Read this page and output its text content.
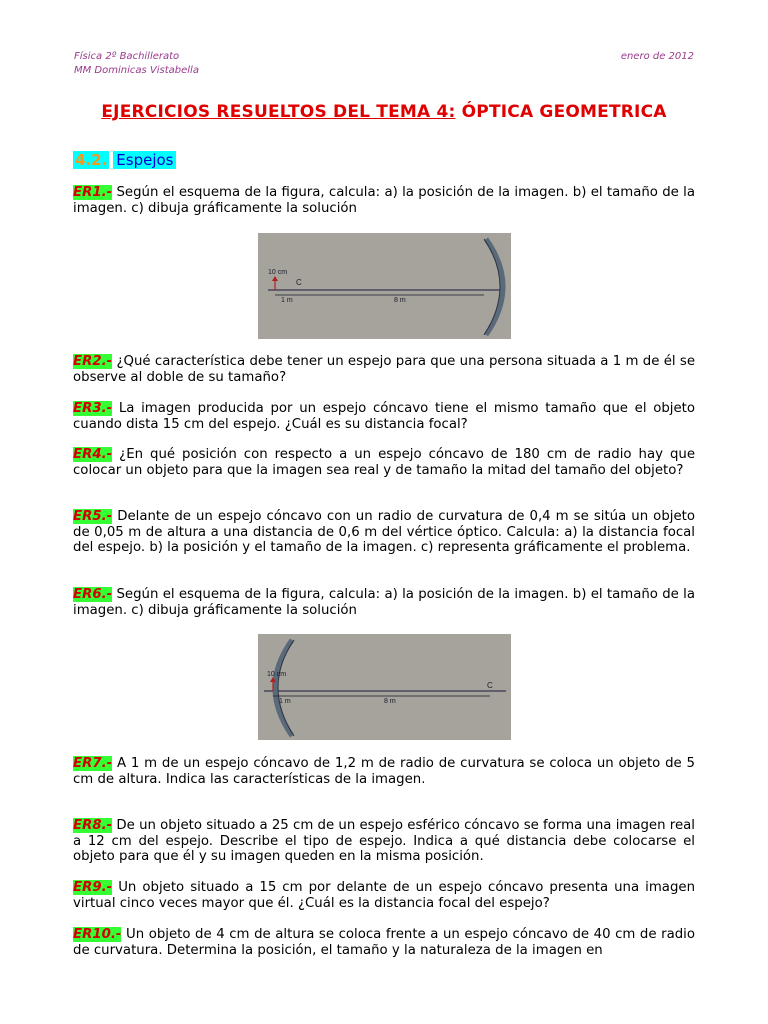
Física 2º Bachillerato
MM Dominicas Vistabella
enero de 2012
EJERCICIOS RESUELTOS DEL TEMA 4: ÓPTICA GEOMETRICA
4.2. Espejos
ER1.- Según el esquema de la figura, calcula: a) la posición de la imagen. b) el tamaño de la imagen. c) dibuja gráficamente la solución
10 cm
C
1 m	8 m
ER2.- ¿Qué característica debe tener un espejo para que una persona situada a 1 m de él se observe al doble de su tamaño?
ER3.- La imagen producida por un espejo cóncavo tiene el mismo tamaño que el objeto cuando dista 15 cm del espejo. ¿Cuál es su distancia focal?
ER4.- ¿En qué posición con respecto a un espejo cóncavo de 180 cm de radio hay que colocar un objeto para que la imagen sea real y de tamaño la mitad del tamaño del objeto?
ER5.- Delante de un espejo cóncavo con un radio de curvatura de 0,4 m se sitúa un objeto de 0,05 m de altura a una distancia de 0,6 m del vértice óptico. Calcula: a) la distancia focal del espejo. b) la posición y el tamaño de la imagen. c) representa gráficamente el problema.
ER6.- Según el esquema de la figura, calcula: a) la posición de la imagen. b) el tamaño de la imagen. c) dibuja gráficamente la solución
10 cm
C
1 m	8 m
ER7.- A 1 m de un espejo cóncavo de 1,2 m de radio de curvatura se coloca un objeto de 5 cm de altura. Indica las características de la imagen.
ER8.- De un objeto situado a 25 cm de un espejo esférico cóncavo se forma una imagen real a 12 cm del espejo. Describe el tipo de espejo. Indica a qué distancia debe colocarse el objeto para que él y su imagen queden en la misma posición.
ER9.- Un objeto situado a 15 cm por delante de un espejo cóncavo presenta una imagen virtual cinco veces mayor que él. ¿Cuál es la distancia focal del espejo?
ER10.- Un objeto de 4 cm de altura se coloca frente a un espejo cóncavo de 40 cm de radio de curvatura. Determina la posición, el tamaño y la naturaleza de la imagen en
